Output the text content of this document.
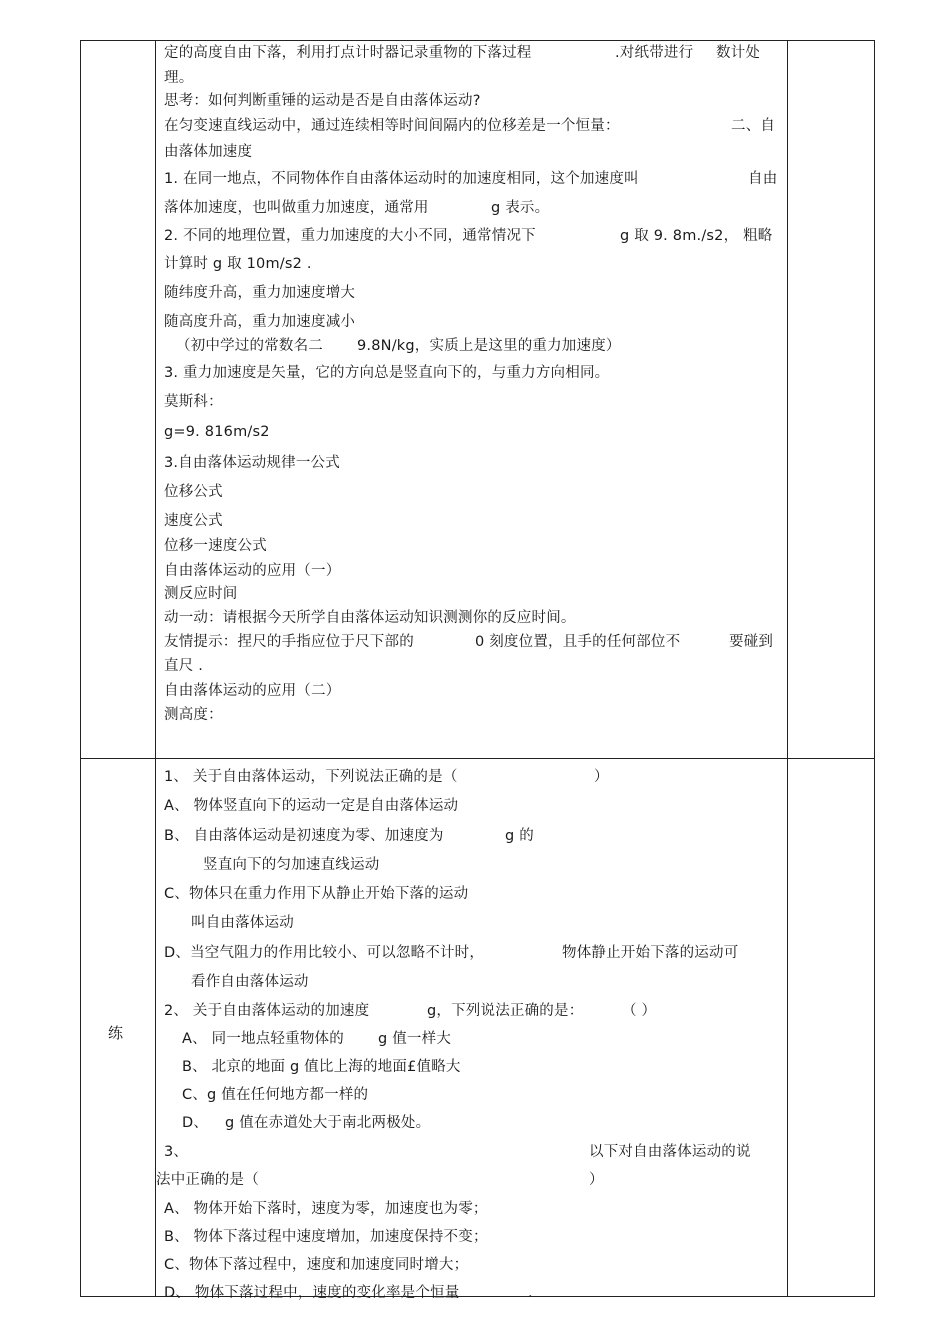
定的高度自由下落，利用打点计时器记录重物的下落过程	.对纸带进行 数计处
理。
思考：如何判断重锤的运动是否是自由落体运动?
在匀变速直线运动中，通过连续相等时间间隔内的位移差是一个恒量：	二、自
由落体加速度
1. 在同一地点，不同物体作自由落体运动时的加速度相同，这个加速度叫	自由
落体加速度，也叫做重力加速度，通常用	g 表示。
2. 不同的地理位置，重力加速度的大小不同，通常情况下	g 取 9. 8m./s2， 粗略
计算时 g 取 10m/s2 .
随纬度升高，重力加速度增大
随高度升高，重力加速度减小
（初中学过的常数名二 9.8N/kg，实质上是这里的重力加速度）
3. 重力加速度是矢量，它的方向总是竖直向下的，与重力方向相同。
莫斯科：
g=9. 816m/s2
3.自由落体运动规律一公式
位移公式
速度公式
位移一速度公式
自由落体运动的应用（一）
测反应时间
动一动：请根据今天所学自由落体运动知识测测你的反应时间。
友情提示：捏尺的手指应位于尺下部的	0 刻度位置，且手的任何部位不	要碰到
直尺 .
自由落体运动的应用（二）
测高度：
练
1、 关于自由落体运动，下列说法正确的是（	）
A、 物体竖直向下的运动一定是自由落体运动
B、 自由落体运动是初速度为零、加速度为	g 的
竖直向下的匀加速直线运动
C、物体只在重力作用下从静止开始下落的运动
叫自由落体运动
D、当空气阻力的作用比较小、可以忽略不计时，	物体静止开始下落的运动可
看作自由落体运动
2、 关于自由落体运动的加速度	g，下列说法正确的是：	（ ）
A、 同一地点轻重物体的 g 值一样大
B、 北京的地面 g 值比上海的地面£值略大
C、g 值在任何地方都一样的
D、 g 值在赤道处大于南北两极处。
3、	以下对自由落体运动的说
法中正确的是（	）
A、 物体开始下落时，速度为零，加速度也为零；
B、 物体下落过程中速度增加，加速度保持不变；
C、物体下落过程中，速度和加速度同时增大；
D、 物体下落过程中，速度的变化率是个恒量	.
